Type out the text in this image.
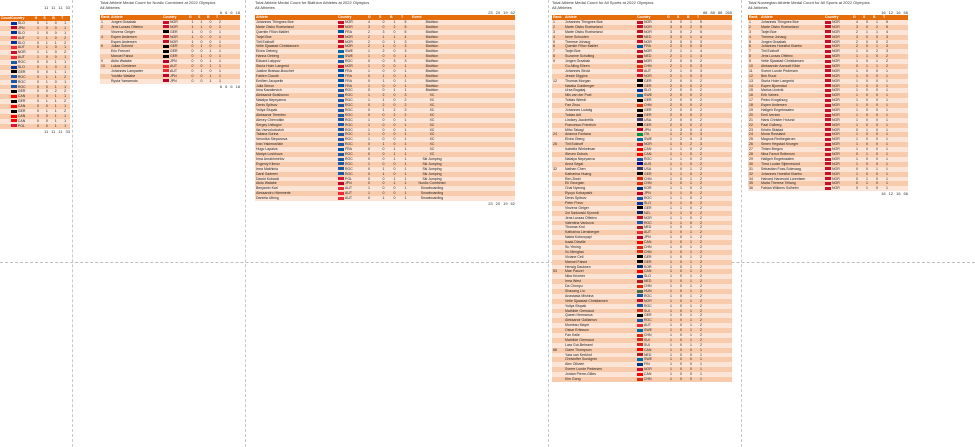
11 11 11 33
Count Country	G	S	B	T
SLO	0	1	0	1
JPN	1	0	0	1
SLO	1	0	0	1
AUT	1	1	0	2
SLO	0	1	1	2
AUT	0	1	0	1
NOR	1	1	0	2
AUT	1	0	0	1
ROC	0	0	1	1
SLO	0	1	0	1
GER	0	0	1	1
ROC	0	1	1	2
ROC	0	1	0	1
ROC	0	0	1	1
GER	0	0	2	2
CAN	0	0	1	1
GER	0	1	1	2
CAN	0	0	1	1
GER	0	1	1	2
CAN	0	0	1	1
CAN	0	0	1	1
POL	0	0	1	1
11 11 11 33
Total Athlete Medal Count for Nordic Combined at 2022 Olympics
All Athletes
6 6 6 18
Rank Athlete	Country	G	S	B	T
1	Jorgen Graabak	NOR	1	1	0	2
2	Jens Luraas Oftebro	NOR	1	1	0	2
Vinzenz Geiger	GER	1	0	0	1
4	Espen Andersen	NOR	1	0	0	1
Espen Andersen	NOR	1	0	0	1
6	Julian Schmid	GER	0	1	0	1
Eric Frenzel	GER	0	0	1	1
Manuel Faisst	GER	0	1	0	1
9	Akito Watabe	JPN	0	0	1	1
10	Lukas Greiderer	AUT	0	0	1	1
Johannes Lamparter	AUT	0	1	0	1
Yoshito Watabe	JPN	0	0	1	1
Ryota Yamamoto	JPN	0	0	1	1
6 6 6 18
Total Athlete Medal Count for Biathlon Athletes at 2022 Olympics
All Athletes
23 20 19 62
Athlete	Country	G	S	B	T	Event
Johannes Thingnes Boe	NOR	4	0	1	5	Biathlon
Marte Olsbu Roeiseland	NOR	3	0	2	5	Biathlon
Quentin Fillon Maillet	FRA	2	3	0	5	Biathlon
Tarjei Boe	NOR	2	1	1	4	Biathlon
Tiril Eckhoff	NOR	2	0	1	3	Biathlon
Vetle Sjaastad Christiansen	NOR	2	1	0	3	Biathlon
Elvira Oeberg	SWE	1	2	0	3	Biathlon
Hanna Oeberg	SWE	1	0	0	1	Biathlon
Eduard Latypov	ROC	0	0	3	3	Biathlon
Sturla Holm Laegreid	NOR	1	0	0	1	Biathlon
Justine Braisaz-Bouchet	FRA	1	0	0	1	Biathlon
Fabien Claude	FRA	0	1	0	1	Biathlon
Emilien Jacquelin	FRA	0	1	0	1	Biathlon
Julia Simon	FRA	1	0	0	1	Biathlon
Irina Kazakevich	ROC	0	0	1	1	Biathlon
Aleksandr Bolshunov	ROC	1	2	0	3	XC
Natalya Nepryaeva	ROC	1	1	0	2	XC
Denis Spitsov	ROC	0	2	0	2	XC
Yuliya Stupak	ROC	0	1	2	3	XC
Aleksandr Terentev	ROC	0	0	2	2	XC
Alexey Chervotkin	ROC	1	0	0	1	XC
Sergey Ustiugov	ROC	1	0	0	1	XC
Ilia Vsevolodovich	ROC	1	0	0	1	XC
Tatiana Sorina	ROC	1	0	0	1	XC
Veronika Stepanova	ROC	1	0	0	1	XC
Ivan Yakimushkin	ROC	0	1	0	1	XC
Hugo Lapalus	FRA	0	0	1	1	XC
Mariya Loshkova	ROC	0	0	1	1	XC
Irma Arnakhmetov	ROC	0	0	1	1	Ski Jumping
Evgeniy Klimov	ROC	1	0	0	1	Ski Jumping
Irma Makhinia	ROC	0	1	0	1	Ski Jumping
Danil Sadreev	ROC	0	1	0	1	Ski Jumping
Dawid Kubacki	POL	0	0	1	1	Ski Jumping
Akito Watabe	JPN	0	0	1	1	Nordic Combined
Benjamin Karl	AUT	1	0	0	1	Snowboarding
Alessandro Hämmerle	AUT	1	0	0	1	Snowboarding
Daniela Ulbing	AUT	0	1	0	1	Snowboarding
23 20 19 62
Total Athlete Medal Count for All Sports at 2022 Olympics
All Athletes
88 88 88 265
Rank Athlete	Country	G	S	B	T
1	Johannes Thingnes Boe	NOR	4	0	1	5
2	Marte Olsbu Roeiseland	NOR	3	0	2	5
3	Marte Olsbu Roeiseland	NOR	3	0	2	5
4	Irene Schouten	NED	3	0	1	4
5	Therese Johaug	NOR	3	0	0	3
6	Quentin Fillon Maillet	FRA	2	3	0	5
7	Tarjei Boe	NOR	2	1	1	4
8	Suzanne Schulting	NED	2	1	1	4
9	Jorgen Graabak	NOR	2	0	0	2
Gu Ailing Eileen	CHN	2	1	0	3
Johannes Strolz	AUT	2	1	0	3
Jessie Diggins	NOR	2	1	0	3
12	Thomas Morgan	GER	2	0	0	2
Natalia Goldberger	GER	2	0	0	2
Ursa Bogataj	SLO	2	0	0	2
Nils van der Poel	SWE	2	0	0	2
Tobias Wendl	GER	2	0	0	2
Fan Zhou	CHN	2	0	0	2
Johannes Ludwig	GER	2	0	0	2
Tobias Arlt	GER	2	0	0	2
Lindsey Jacobellis	USA	2	0	0	2
Francesco Friedrich	GER	2	0	0	2
Miho Takagi	JPN	1	3	0	4
24	Arianna Fontana	ITA	1	2	0	3
Elvira Oberg	SWE	1	2	0	3
26	Tiril Eckhoff	NOR	1	0	2	3
Isabella Winkelman	CAN	1	1	0	2
Steven Dubois	CAN	1	1	0	2
Natalya Nepryaeva	ROC	1	1	0	2
Anna Segal	AUS	1	1	0	2
32	Nathan Chen	USA	1	0	1	2
Katharina Huang	GER	1	1	0	2
Ren Ziwei	CHN	1	0	1	2
Eli Georgian	CHN	1	0	1	2
Chai Nyeong	KOR	1	1	0	2
Ryoyu Kobayashi	JPN	1	1	0	2
Denis Spitsov	ROC	1	1	0	2
Peter Prevc	SLO	1	1	0	2
Vinzenz Geiger	GER	1	1	0	2
Zoi Sadowski Synnott	NZL	1	1	0	2
Jens Luraas Oftebro	NOR	1	1	0	2
Valentina Vankova	ROC	1	1	0	2
Thomas Krol	NED	1	0	1	2
Katharina Liensberger	AUT	1	0	1	2
Nakia Kotoroyapi	JPN	1	0	1	2
Isaak Dlaville	CAN	1	0	1	2
Su Yiming	CHN	1	0	1	2
Xu Mengtao	CHN	1	0	1	2
Viviane Cell	GER	1	0	1	2
Manuel Faisst	GER	1	0	1	2
Herwig Dauksen	KOR	1	0	1	2
53	Mae Pauzel	CAN	1	0	1	2
Nika Krizmer	SLO	1	0	1	2
Irma West	NED	1	0	1	2
Da Chunyu	CHN	1	0	1	2
Shaoang Liu	HUN	1	0	1	2
Anastasia Mishina	ROC	1	0	1	2
Vetle Sjaastad Christiansen	NOR	1	0	1	2
Yuliya Stupak	ROC	1	0	1	2
Mathilde Gremaud	SUI	1	0	1	2
Queen Hermanos	GER	1	0	1	2
Aleksandr Galliamov	ROC	1	0	1	2
Mumbau Mayer	AUT	1	0	1	2
Oskar Eriksson	SWE	1	0	1	2
Fan Kaile	CHN	1	0	1	2
Mathilde Gremaud	SUI	1	0	1	2
Lara Gut-Behrami	SUI	1	0	1	2
68	Claire Thompson	CAN	1	0	0	1
Yara van Kerkhof	NED	1	0	0	1
Christoffer Sundgren	SWE	1	0	0	1
Alex Ollivieri	FIN	1	0	0	1
Sverre Lunde Pedersen	NOR	1	0	0	1
Jordan Pierre-Gilles	CAN	1	0	0	1
Kim Gong	CHN	1	0	0	1
Total Norwegian Athlete Medal Count for All Sports at 2022 Olympics
All Athletes
16 12 16 56
Rank Athlete	Country	G	S	B	T
1	Johannes Thingnes Boe	NOR	4	0	1	5
2	Marte Olsbu Roeiseland	NOR	3	0	2	5
3	Tarjei Boe	NOR	2	1	1	4
4	Therese Johaug	NOR	3	0	0	3
5	Jorgen Graabak	NOR	2	0	0	2
6	Johannes Hoesflot Klaebo	NOR	2	0	1	3
7	Tiril Eckhoff	NOR	1	0	2	3
8	Jens Luraas Oftebro	NOR	1	1	0	2
9	Vetle Sjaastad Christiansen	NOR	1	0	1	2
10	Aleksander Aamodt Kilde	NOR	0	1	1	2
11	Sverre Lunde Pedersen	NOR	1	0	0	1
12	Birk Ruud	NOR	1	0	0	1
13	Sturla Holm Laegreid	NOR	1	0	0	1
14	Espen Bjornstad	NOR	1	0	0	1
15	Marius Lindvik	NOR	1	0	0	1
16	Erik Valnes	NOR	1	0	0	1
17	Pedro Krogshurg	NOR	1	0	0	1
18	Espen Andersen	NOR	1	0	0	1
19	Hallgeir Engebraaten	NOR	1	0	0	1
20	Emil Iversen	NOR	1	0	0	1
21	Hans Christer Holund	NOR	1	0	0	1
22	Paal Golberg	NOR	1	0	0	1
23	Kristin Skistad	NOR	0	1	0	1
24	Mona Rossland	NOR	1	0	0	1
25	Magnus Redhegstrom	NOR	1	0	0	1
26	Simen Hegstad Krueger	NOR	1	0	0	1
27	Tiriam Bregvo	NOR	1	0	0	1
28	Nina Faxsrt Rottensm	NOR	0	1	0	1
29	Hallgeir Engebraaten	NOR	1	0	0	1
30	Thea Louise Stjernesund	NOR	1	0	0	1
31	Sebastian Foss-Solevaag	NOR	0	0	1	1
32	Johannes Hoesflot Klaebo	NOR	1	0	0	1
34	Halvard Hanevold Lorentsen	NOR	0	1	0	1
35	Marta Therese Tellang	NOR	0	1	0	1
36	Fabian Wilkens Solheim	NOR	0	1	0	1
16 12 16 56
